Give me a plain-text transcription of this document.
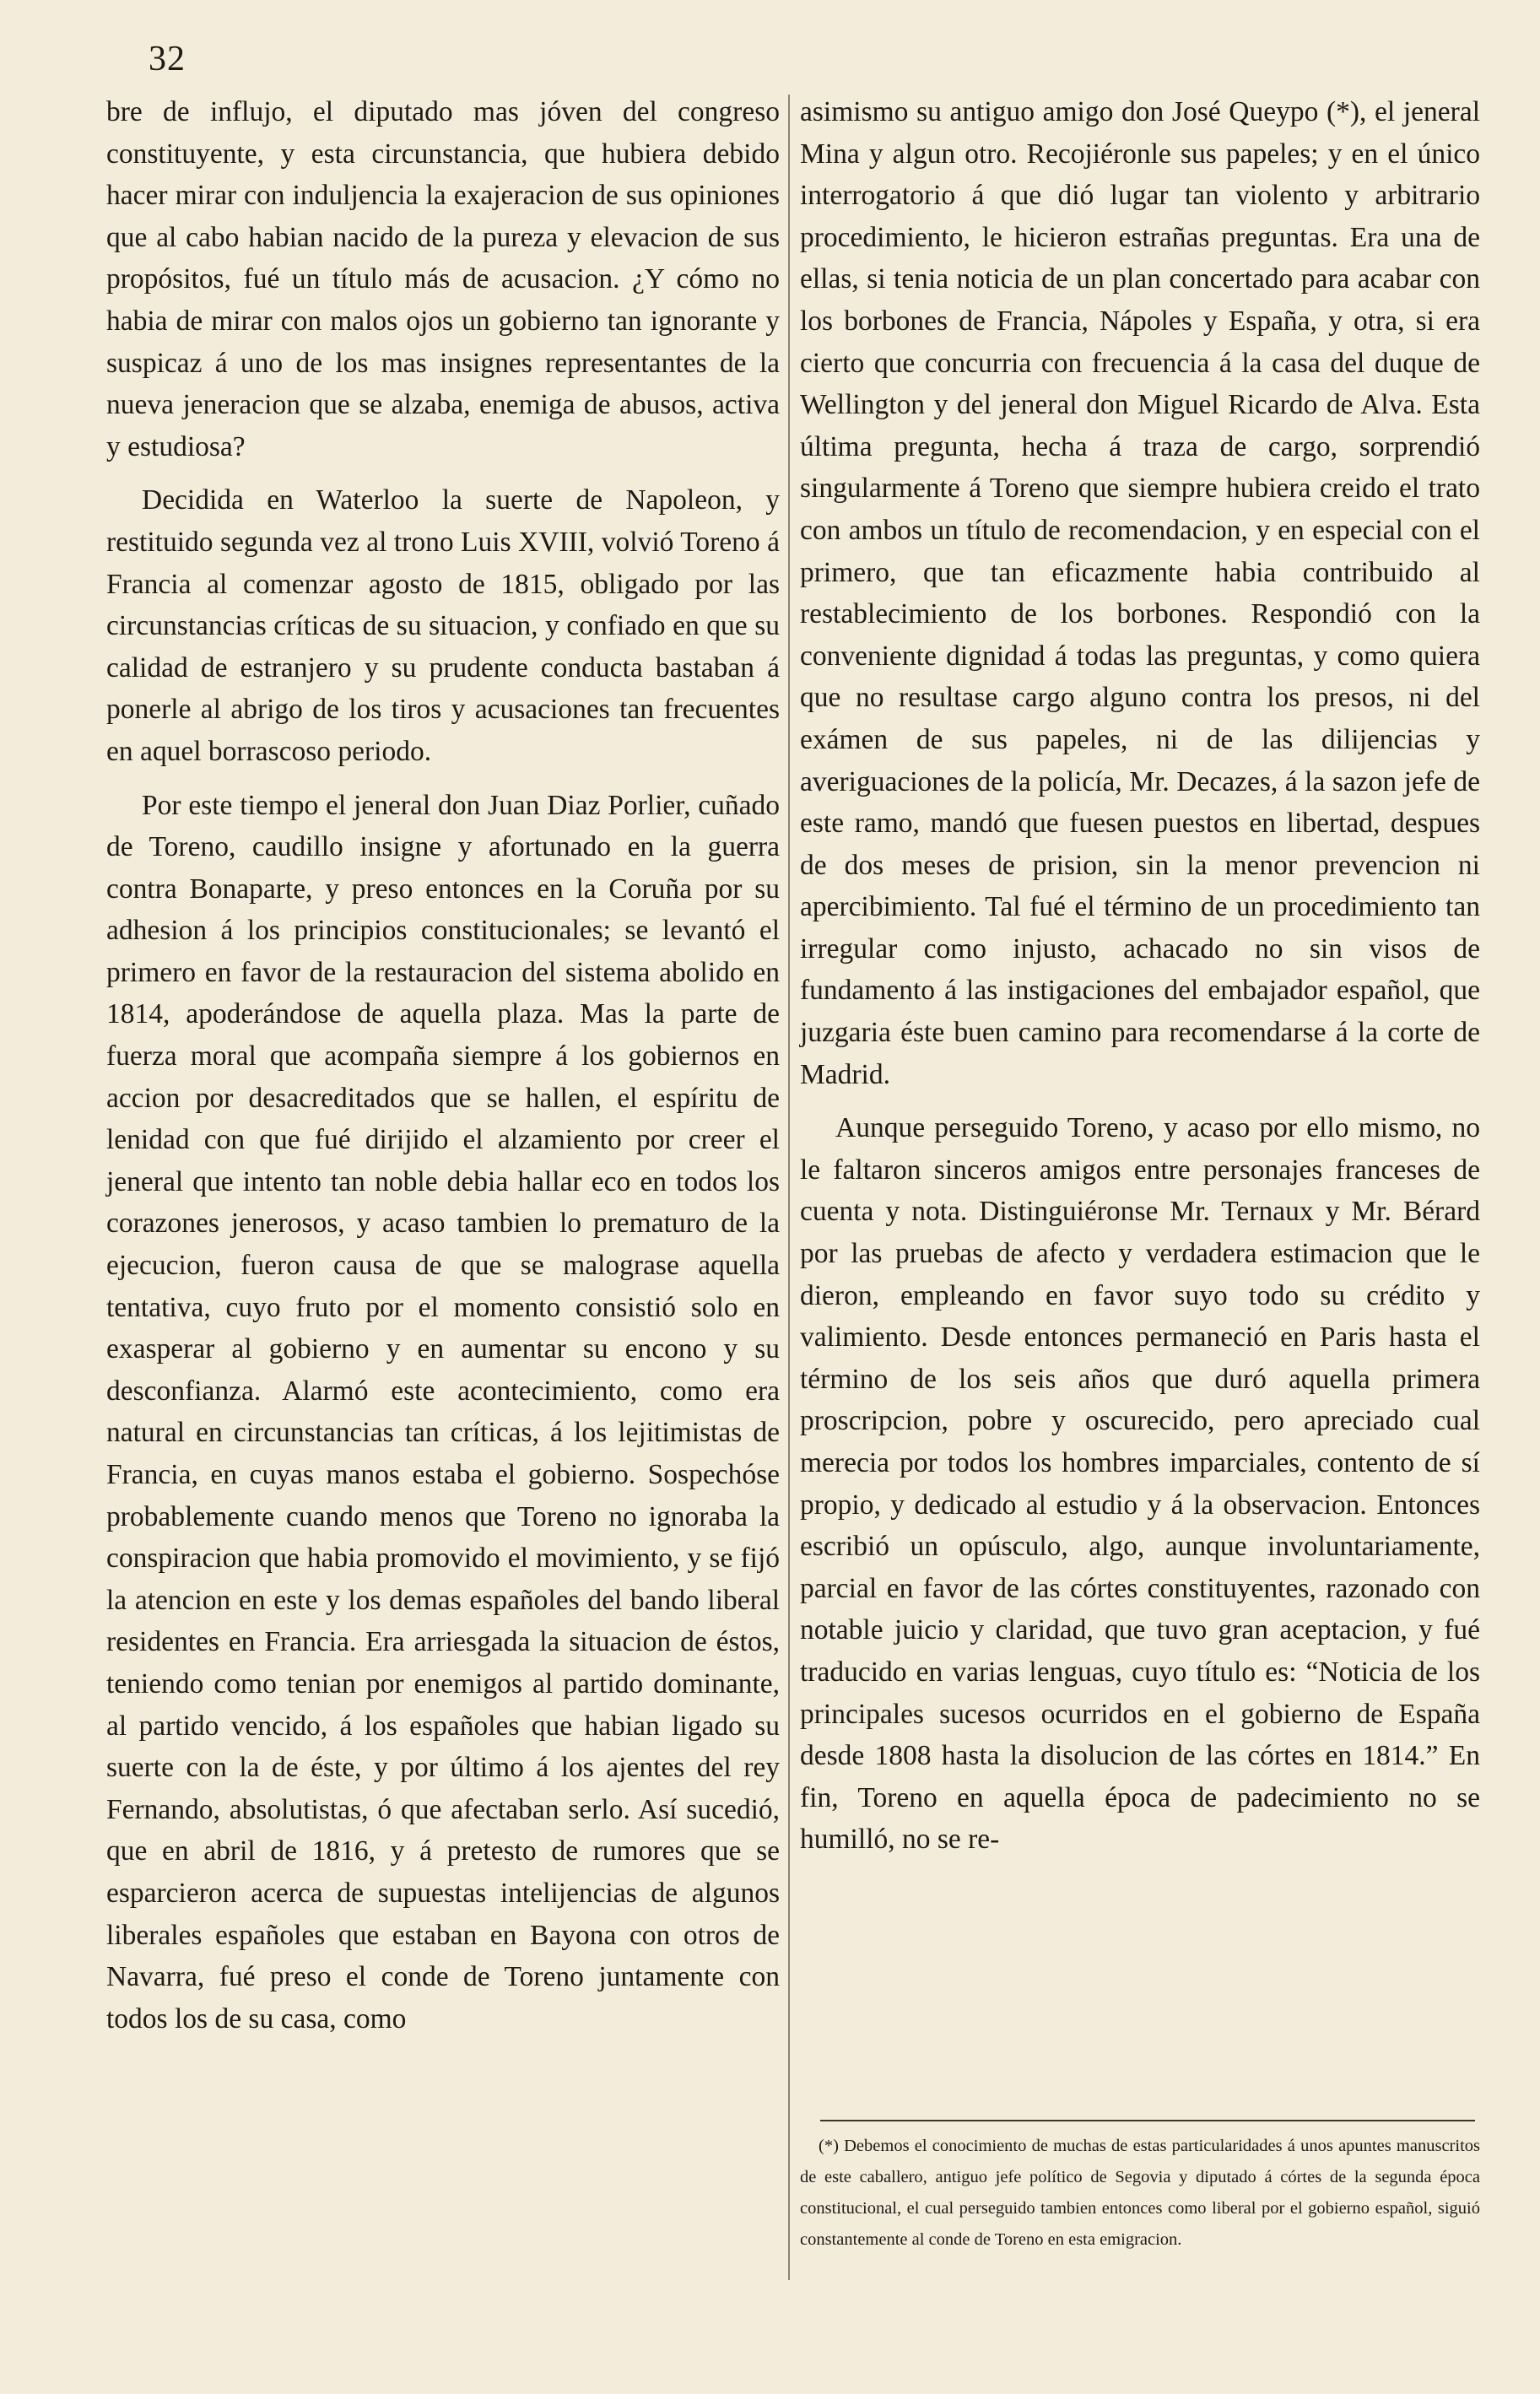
32

bre de influjo, el diputado mas jóven del congreso constituyente, y esta circunstancia, que hubiera debido hacer mirar con induljencia la exajeracion de sus opiniones que al cabo habian nacido de la pureza y elevacion de sus propósitos, fué un título más de acusacion. ¿Y cómo no habia de mirar con malos ojos un gobierno tan ignorante y suspicaz á uno de los mas insignes representantes de la nueva jeneracion que se alzaba, enemiga de abusos, activa y estudiosa?

Decidida en Waterloo la suerte de Napoleon, y restituido segunda vez al trono Luis XVIII, volvió Toreno á Francia al comenzar agosto de 1815, obligado por las circunstancias críticas de su situacion, y confiado en que su calidad de estranjero y su prudente conducta bastaban á ponerle al abrigo de los tiros y acusaciones tan frecuentes en aquel borrascoso periodo.

Por este tiempo el jeneral don Juan Diaz Porlier, cuñado de Toreno, caudillo insigne y afortunado en la guerra contra Bonaparte, y preso entonces en la Coruña por su adhesion á los principios constitucionales; se levantó el primero en favor de la restauracion del sistema abolido en 1814, apoderándose de aquella plaza. Mas la parte de fuerza moral que acompaña siempre á los gobiernos en accion por desacreditados que se hallen, el espíritu de lenidad con que fué dirijido el alzamiento por creer el jeneral que intento tan noble debia hallar eco en todos los corazones jenerosos, y acaso tambien lo prematuro de la ejecucion, fueron causa de que se malograse aquella tentativa, cuyo fruto por el momento consistió solo en exasperar al gobierno y en aumentar su encono y su desconfianza. Alarmó este acontecimiento, como era natural en circunstancias tan críticas, á los lejitimistas de Francia, en cuyas manos estaba el gobierno. Sospechóse probablemente cuando menos que Toreno no ignoraba la conspiracion que habia promovido el movimiento, y se fijó la atencion en este y los demas españoles del bando liberal residentes en Francia. Era arriesgada la situacion de éstos, teniendo como tenian por enemigos al partido dominante, al partido vencido, á los españoles que habian ligado su suerte con la de éste, y por último á los ajentes del rey Fernando, absolutistas, ó que afectaban serlo. Así sucedió, que en abril de 1816, y á pretesto de rumores que se esparcieron acerca de supuestas intelijencias de algunos liberales españoles que estaban en Bayona con otros de Navarra, fué preso el conde de Toreno juntamente con todos los de su casa, como

asimismo su antiguo amigo don José Queypo (*), el jeneral Mina y algun otro. Recojiéronle sus papeles; y en el único interrogatorio á que dió lugar tan violento y arbitrario procedimiento, le hicieron estrañas preguntas. Era una de ellas, si tenia noticia de un plan concertado para acabar con los borbones de Francia, Nápoles y España, y otra, si era cierto que concurria con frecuencia á la casa del duque de Wellington y del jeneral don Miguel Ricardo de Alva. Esta última pregunta, hecha á traza de cargo, sorprendió singularmente á Toreno que siempre hubiera creido el trato con ambos un título de recomendacion, y en especial con el primero, que tan eficazmente habia contribuido al restablecimiento de los borbones. Respondió con la conveniente dignidad á todas las preguntas, y como quiera que no resultase cargo alguno contra los presos, ni del exámen de sus papeles, ni de las dilijencias y averiguaciones de la policía, Mr. Decazes, á la sazon jefe de este ramo, mandó que fuesen puestos en libertad, despues de dos meses de prision, sin la menor prevencion ni apercibimiento. Tal fué el término de un procedimiento tan irregular como injusto, achacado no sin visos de fundamento á las instigaciones del embajador español, que juzgaria éste buen camino para recomendarse á la corte de Madrid.

Aunque perseguido Toreno, y acaso por ello mismo, no le faltaron sinceros amigos entre personajes franceses de cuenta y nota. Distinguiéronse Mr. Ternaux y Mr. Bérard por las pruebas de afecto y verdadera estimacion que le dieron, empleando en favor suyo todo su crédito y valimiento. Desde entonces permaneció en Paris hasta el término de los seis años que duró aquella primera proscripcion, pobre y oscurecido, pero apreciado cual merecia por todos los hombres imparciales, contento de sí propio, y dedicado al estudio y á la observacion. Entonces escribió un opúsculo, algo, aunque involuntariamente, parcial en favor de las córtes constituyentes, razonado con notable juicio y claridad, que tuvo gran aceptacion, y fué traducido en varias lenguas, cuyo título es: “Noticia de los principales sucesos ocurridos en el gobierno de España desde 1808 hasta la disolucion de las córtes en 1814.” En fin, Toreno en aquella época de padecimiento no se humilló, no se re-

(*) Debemos el conocimiento de muchas de estas particularidades á unos apuntes manuscritos de este caballero, antiguo jefe político de Segovia y diputado á córtes de la segunda época constitucional, el cual perseguido tambien entonces como liberal por el gobierno español, siguió constantemente al conde de Toreno en esta emigracion.
